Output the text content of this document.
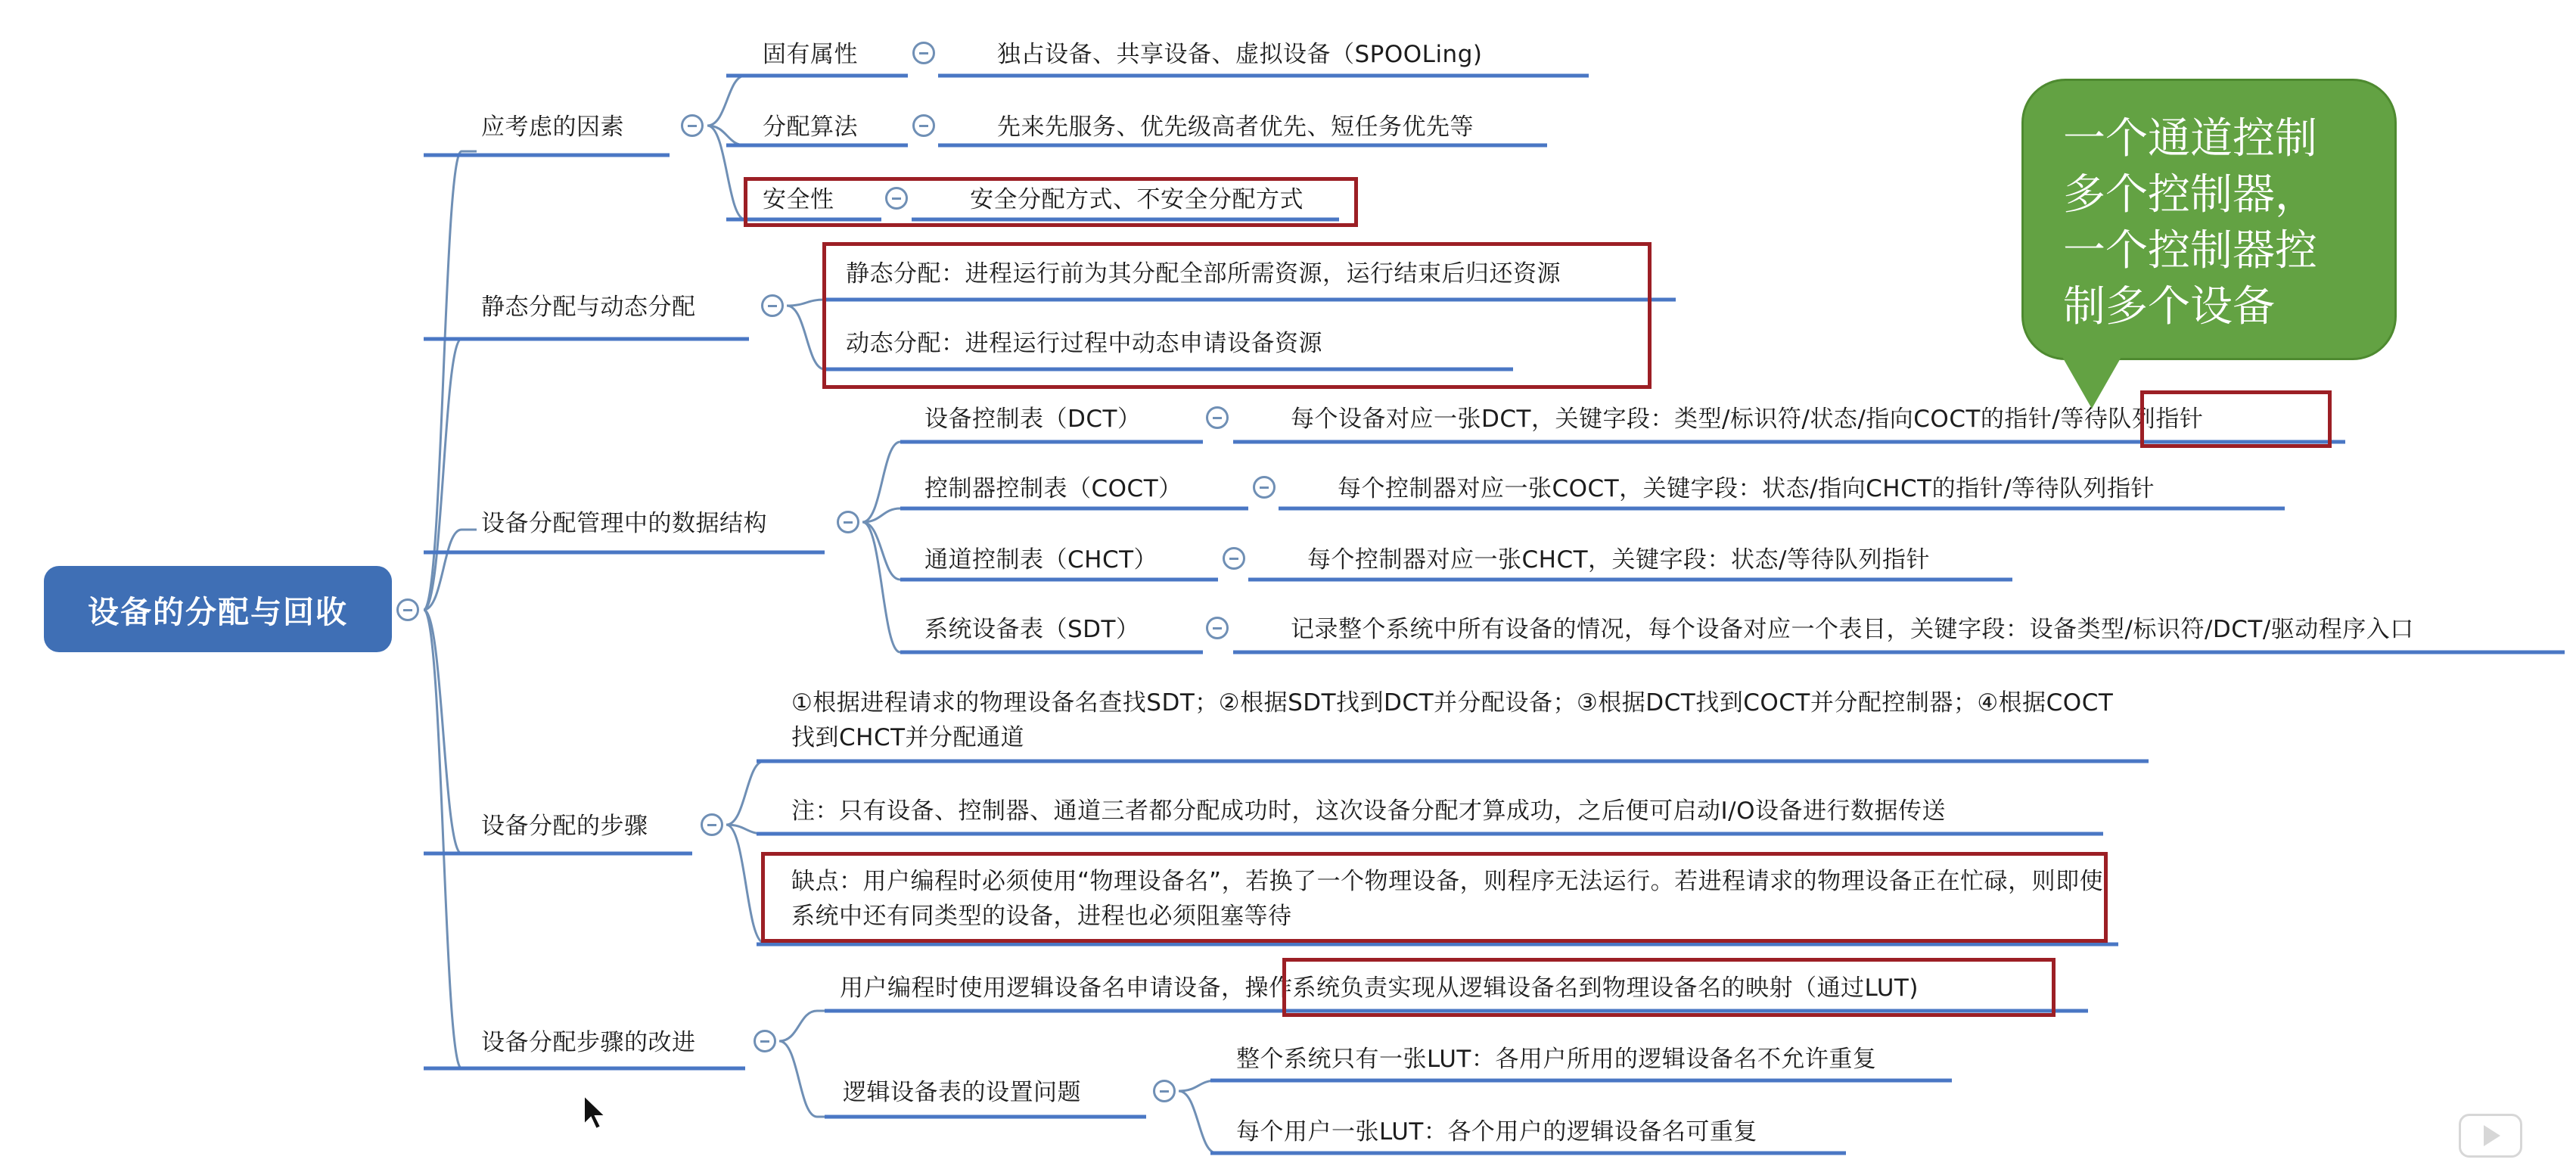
设备的分配与回收
应考虑的因素
固有属性	独占设备、共享设备、虚拟设备（SPOOLing)
分配算法	先来先服务、优先级高者优先、短任务优先等
安全性	安全分配方式、不安全分配方式
静态分配与动态分配
静态分配：进程运行前为其分配全部所需资源，运行结束后归还资源
动态分配：进程运行过程中动态申请设备资源
设备分配管理中的数据结构
设备控制表（DCT）	每个设备对应一张DCT，关键字段：类型/标识符/状态/指向COCT的指针/等待队列指针
控制器控制表（COCT）	每个控制器对应一张COCT，关键字段：状态/指向CHCT的指针/等待队列指针
通道控制表（CHCT）	每个控制器对应一张CHCT，关键字段：状态/等待队列指针
系统设备表（SDT）	记录整个系统中所有设备的情况，每个设备对应一个表目，关键字段：设备类型/标识符/DCT/驱动程序入口
设备分配的步骤
①根据进程请求的物理设备名查找SDT；②根据SDT找到DCT并分配设备；③根据DCT找到COCT并分配控制器；④根据COCT找到CHCT并分配通道
注：只有设备、控制器、通道三者都分配成功时，这次设备分配才算成功，之后便可启动I/O设备进行数据传送
缺点：用户编程时必须使用“物理设备名”，若换了一个物理设备，则程序无法运行。若进程请求的物理设备正在忙碌，则即使系统中还有同类型的设备，进程也必须阻塞等待
设备分配步骤的改进
用户编程时使用逻辑设备名申请设备，操作系统负责实现从逻辑设备名到物理设备名的映射（通过LUT)
逻辑设备表的设置问题
整个系统只有一张LUT：各用户所用的逻辑设备名不允许重复
每个用户一张LUT：各个用户的逻辑设备名可重复
一个通道控制
多个控制器，
一个控制器控
制多个设备
